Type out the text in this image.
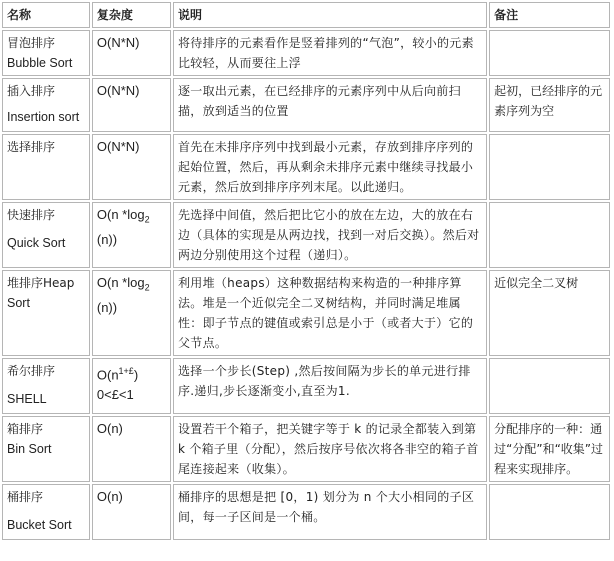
名称	复杂度	说明	备注

冒泡排序
Bubble Sort	O(N*N)	将待排序的元素看作是竖着排列的“气泡”，较小的元素比较轻，从而要往上浮	

插入排序
Insertion sort	O(N*N)	逐一取出元素，在已经排序的元素序列中从后向前扫描，放到适当的位置	起初，已经排序的元素序列为空

选择排序	O(N*N)	首先在未排序序列中找到最小元素，存放到排序序列的起始位置，然后，再从剩余未排序元素中继续寻找最小元素，然后放到排序序列末尾。以此递归。	

快速排序
Quick Sort	O(n $*\log_2$
(n))	先选择中间值，然后把比它小的放在左边，大的放在右边（具体的实现是从两边找，找到一对后交换）。然后对两边分别使用这个过程（递归）。	

堆排序Heap
Sort	O(n $*\log_2$
(n))	利用堆（heaps）这种数据结构来构造的一种排序算法。堆是一个近似完全二叉树结构，并同时满足堆属性：即子节点的键值或索引总是小于（或者大于）它的父节点。	近似完全二叉树

希尔排序
SHELL	$O(n^{1+£})$
0<£<1	选择一个步长(Step) ,然后按间隔为步长的单元进行排序.递归,步长逐渐变小,直至为1.	

箱排序
Bin Sort	O(n)	设置若干个箱子，把关键字等于 k 的记录全都装入到第 k 个箱子里（分配），然后按序号依次将各非空的箱子首尾连接起来（收集）。	分配排序的一种：通过“分配”和“收集”过程来实现排序。

桶排序
Bucket Sort	O(n)	桶排序的思想是把 [0，1) 划分为 n 个大小相同的子区间，每一子区间是一个桶。	
